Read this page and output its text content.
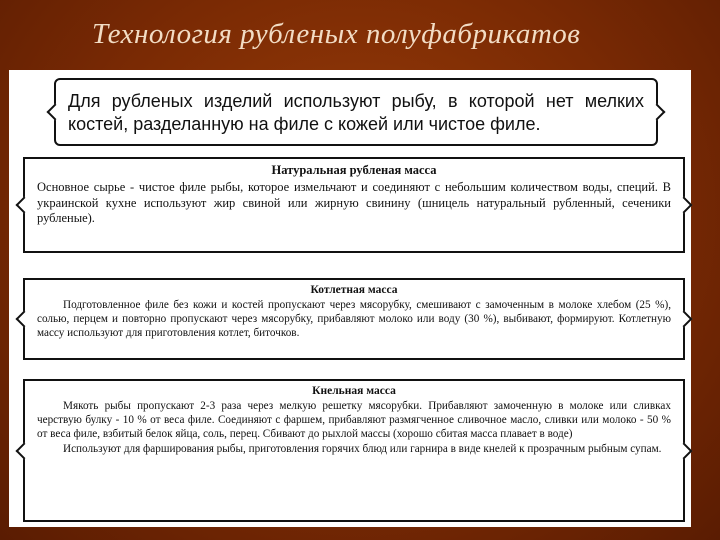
Технология рубленых полуфабрикатов

Для рубленых изделий используют рыбу, в которой нет мелких костей, разделанную на филе с кожей или чистое филе.

Натуральная рубленая масса

Основное сырье - чистое филе рыбы, которое измельчают и соединяют с небольшим количеством воды, специй. В украинской кухне используют жир свиной или жирную свинину (шницель натуральный рубленный, сеченики рубленые).

Котлетная масса

Подготовленное филе без кожи и костей пропускают через мясорубку, смешивают с замоченным в молоке хлебом (25 %), солью, перцем и повторно пропускают через мясорубку, прибавляют молоко или воду (30 %), выбивают, формируют. Котлетную массу используют для приготовления котлет, биточков.

Кнельная масса

Мякоть рыбы пропускают 2-3 раза через мелкую решетку мясорубки. Прибавляют замоченную в молоке или сливках черствую булку - 10 % от веса филе. Соединяют с фаршем, прибавляют размягченное сливочное масло, сливки или молоко - 50 % от веса филе, взбитый белок яйца, соль, перец. Сбивают до рыхлой массы (хорошо сбитая масса плавает в воде)

Используют для фарширования рыбы, приготовления горячих блюд или гарнира в виде кнелей к прозрачным рыбным супам.
